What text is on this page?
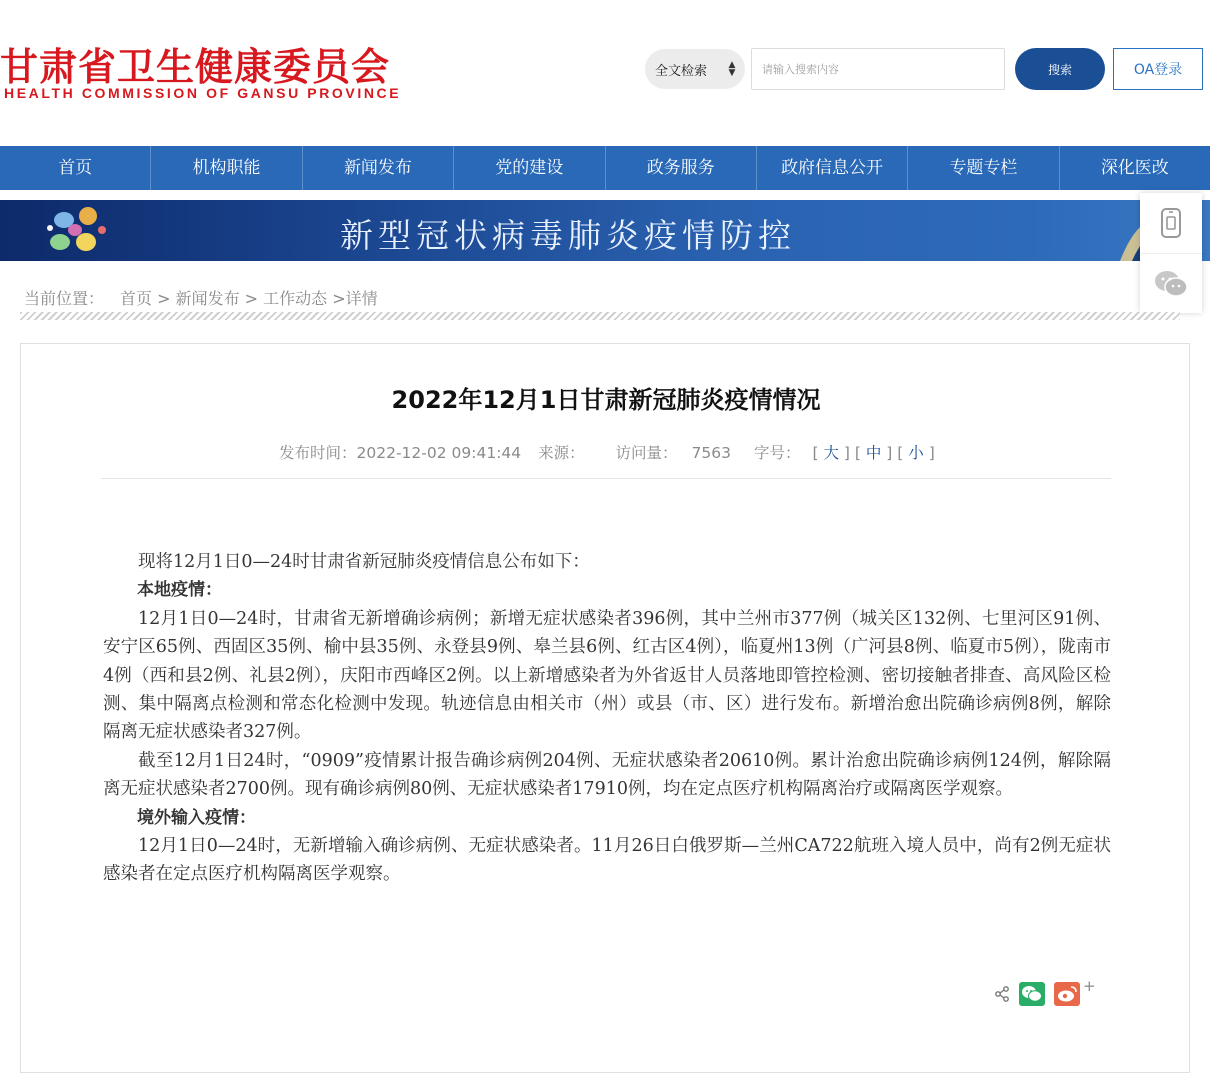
甘肃省卫生健康委员会
HEALTH COMMISSION OF GANSU PROVINCE
全文检索 ▲
▼
请输入搜索内容	搜索	OA登录
首页	机构职能	新闻发布	党的建设	政务服务	政府信息公开	专题专栏	深化医改
新型冠状病毒肺炎疫情防控
当前位置： 首页 > 新闻发布 > 工作动态 >详情
2022年12月1日甘肃新冠肺炎疫情情况
发布时间：2022-12-02 09:41:44 来源： 访问量： 7563 字号： [ 大 ] [ 中 ] [ 小 ]

现将12月1日0—24时甘肃省新冠肺炎疫情信息公布如下：

本地疫情：

12月1日0—24时，甘肃省无新增确诊病例；新增无症状感染者396例，其中兰州市377例（城关区132例、七里河区91例、安宁区65例、西固区35例、榆中县35例、永登县9例、皋兰县6例、红古区4例），临夏州13例（广河县8例、临夏市5例），陇南市4例（西和县2例、礼县2例），庆阳市西峰区2例。以上新增感染者为外省返甘人员落地即管控检测、密切接触者排查、高风险区检测、集中隔离点检测和常态化检测中发现。轨迹信息由相关市（州）或县（市、区）进行发布。新增治愈出院确诊病例8例，解除隔离无症状感染者327例。

截至12月1日24时，“0909”疫情累计报告确诊病例204例、无症状感染者20610例。累计治愈出院确诊病例124例，解除隔离无症状感染者2700例。现有确诊病例80例、无症状感染者17910例，均在定点医疗机构隔离治疗或隔离医学观察。

境外输入疫情：

12月1日0—24时，无新增输入确诊病例、无症状感染者。11月26日白俄罗斯—兰州CA722航班入境人员中，尚有2例无症状感染者在定点医疗机构隔离医学观察。

+
